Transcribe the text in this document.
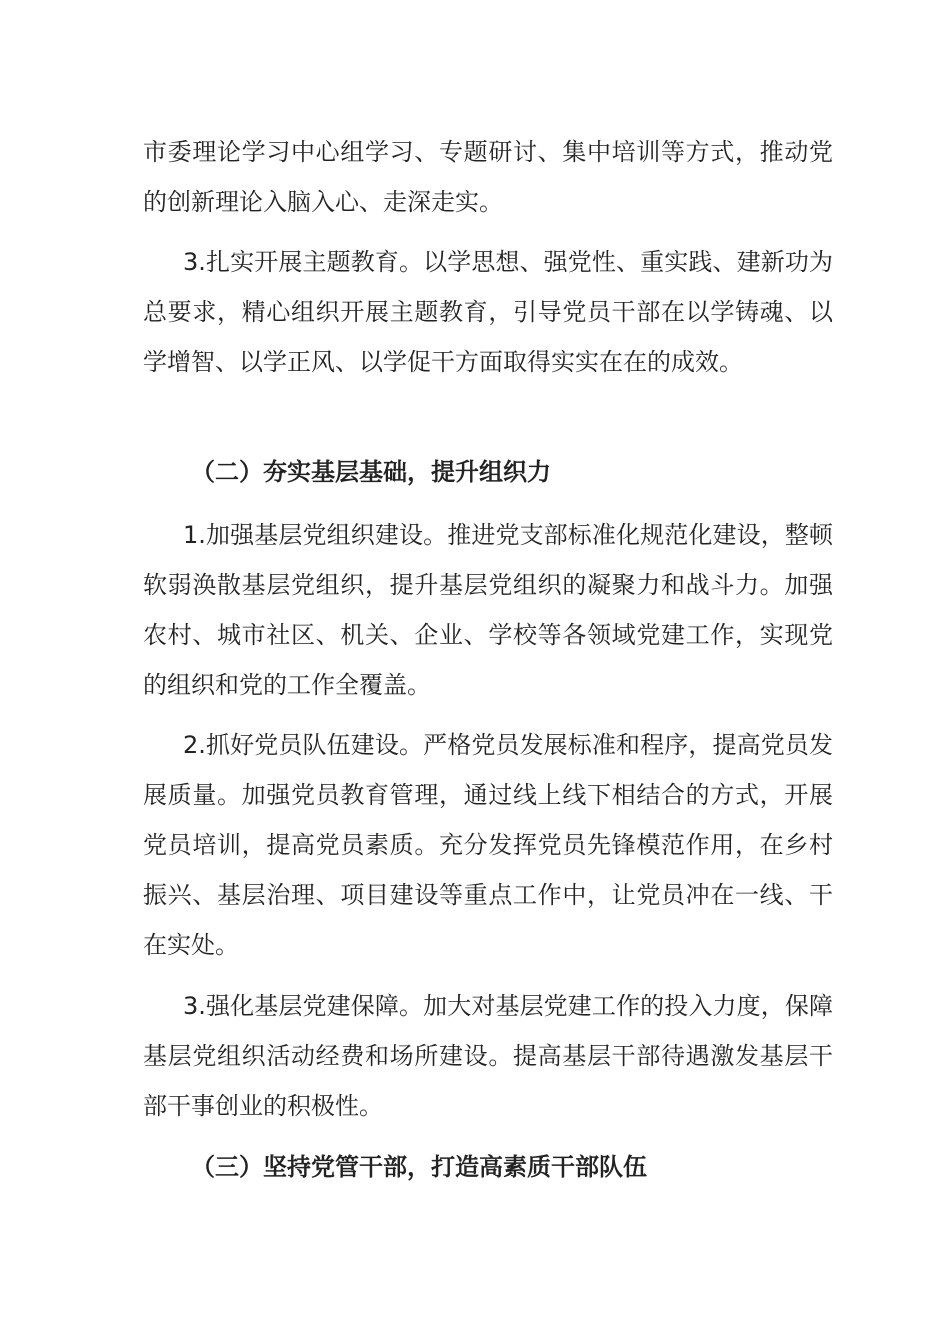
市委理论学习中心组学习、专题研讨、集中培训等方式，推动党的创新理论入脑入心、走深走实。

3.扎实开展主题教育。以学思想、强党性、重实践、建新功为总要求，精心组织开展主题教育，引导党员干部在以学铸魂、以学增智、以学正风、以学促干方面取得实实在在的成效。

（二）夯实基层基础，提升组织力

1.加强基层党组织建设。推进党支部标准化规范化建设，整顿软弱涣散基层党组织，提升基层党组织的凝聚力和战斗力。加强农村、城市社区、机关、企业、学校等各领域党建工作，实现党的组织和党的工作全覆盖。

2.抓好党员队伍建设。严格党员发展标准和程序，提高党员发展质量。加强党员教育管理，通过线上线下相结合的方式，开展党员培训，提高党员素质。充分发挥党员先锋模范作用，在乡村振兴、基层治理、项目建设等重点工作中，让党员冲在一线、干在实处。

3.强化基层党建保障。加大对基层党建工作的投入力度，保障基层党组织活动经费和场所建设。提高基层干部待遇激发基层干部干事创业的积极性。

（三）坚持党管干部，打造高素质干部队伍
